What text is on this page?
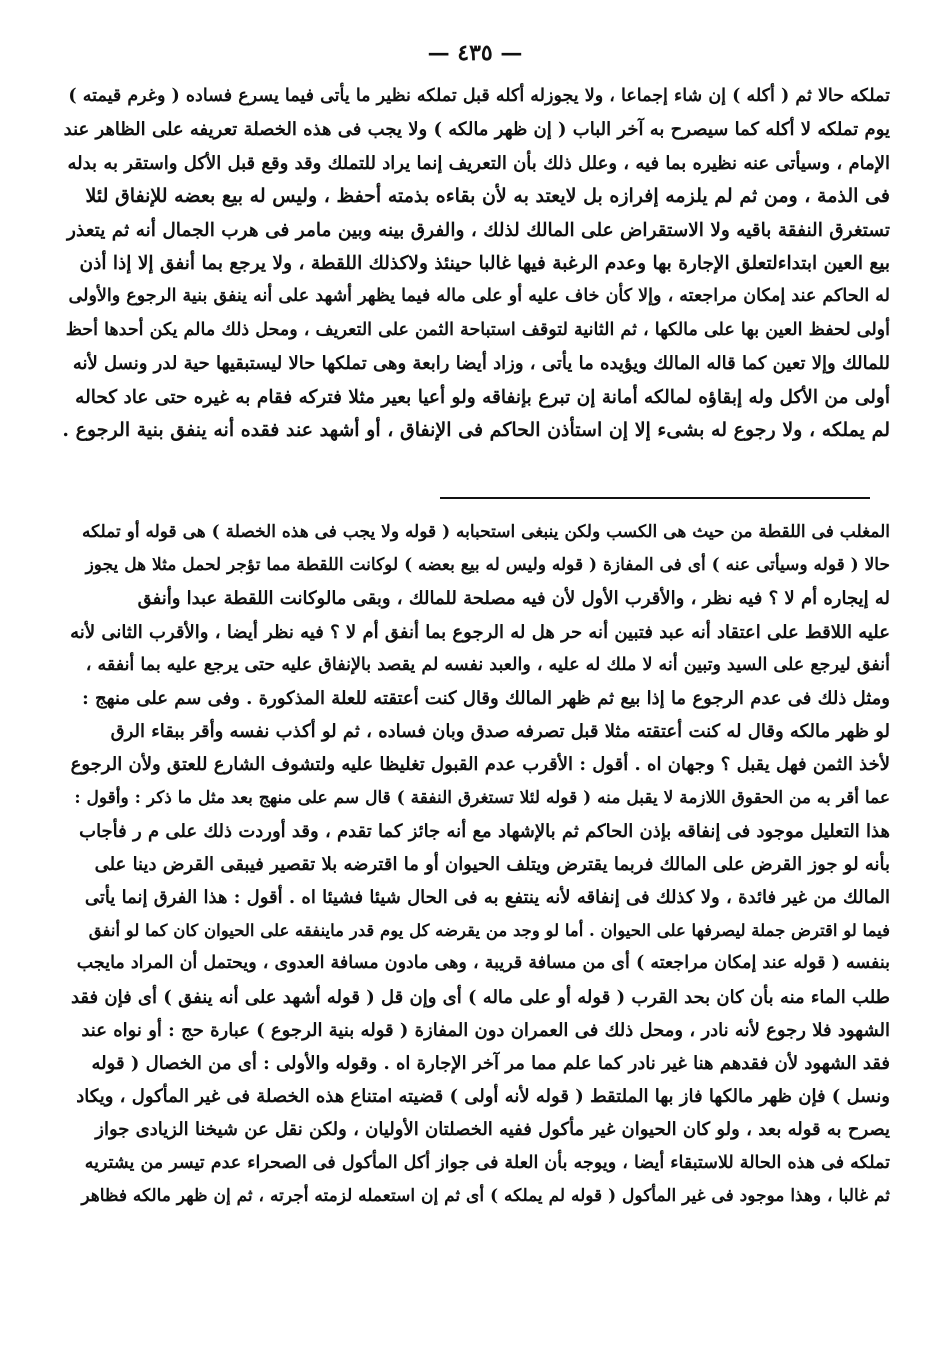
— ٤٣٥ —
تملكه حالا ثم ( أكله ) إن شاء إجماعا ، ولا يجوزله أكله قبل تملكه نظير ما يأتى فيما يسرع فساده ( وغرم قيمته )
يوم تملكه لا أكله كما سيصرح به آخر الباب ( إن ظهر مالكه ) ولا يجب فى هذه الخصلة تعريفه على الظاهر عند
الإمام ، وسيأتى عنه نظيره بما فيه ، وعلل ذلك بأن التعريف إنما يراد للتملك وقد وقع قبل الأكل واستقر به بدله
فى الذمة ، ومن ثم لم يلزمه إفرازه بل لايعتد به لأن بقاءه بذمته أحفظ ، وليس له بيع بعضه للإنفاق لئلا
تستغرق النفقة باقيه ولا الاستقراض على المالك لذلك ، والفرق بينه وبين مامر فى هرب الجمال أنه ثم يتعذر
بيع العين ابتداءلتعلق الإجارة بها وعدم الرغبة فيها غالبا حينئذ ولاكذلك اللقطة ، ولا يرجع بما أنفق إلا إذا أذن
له الحاكم عند إمكان مراجعته ، وإلا كأن خاف عليه أو على ماله فيما يظهر أشهد على أنه ينفق بنية الرجوع والأولى
أولى لحفظ العين بها على مالكها ، ثم الثانية لتوقف استباحة الثمن على التعريف ، ومحل ذلك مالم يكن أحدها أحظ
للمالك وإلا تعين كما قاله المالك ويؤيده ما يأتى ، وزاد أيضا رابعة وهى تملكها حالا ليستبقيها حية لدر ونسل لأنه
أولى من الأكل وله إبقاؤه لمالكه أمانة إن تبرع بإنفاقه ولو أعيا بعير مثلا فتركه فقام به غيره حتى عاد كحاله
لم يملكه ، ولا رجوع له بشىء إلا إن استأذن الحاكم فى الإنفاق ، أو أشهد عند فقده أنه ينفق بنية الرجوع .
المغلب فى اللقطة من حيث هى الكسب ولكن ينبغى استحبابه ( قوله ولا يجب فى هذه الخصلة ) هى قوله أو تملكه
حالا ( قوله وسيأتى عنه ) أى فى المفازة ( قوله وليس له بيع بعضه ) لوكانت اللقطة مما تؤجر لحمل مثلا هل يجوز
له إيجاره أم لا ؟ فيه نظر ، والأقرب الأول لأن فيه مصلحة للمالك ، وبقى مالوكانت اللقطة عبدا وأنفق
عليه اللاقط على اعتقاد أنه عبد فتبين أنه حر هل له الرجوع بما أنفق أم لا ؟ فيه نظر أيضا ، والأقرب الثانى لأنه
أنفق ليرجع على السيد وتبين أنه لا ملك له عليه ، والعبد نفسه لم يقصد بالإنفاق عليه حتى يرجع عليه بما أنفقه ،
ومثل ذلك فى عدم الرجوع ما إذا بيع ثم ظهر المالك وقال كنت أعتقته للعلة المذكورة . وفى سم على منهج :
لو ظهر مالكه وقال له كنت أعتقته مثلا قبل تصرفه صدق وبان فساده ، ثم لو أكذب نفسه وأقر ببقاء الرق
لأخذ الثمن فهل يقبل ؟ وجهان اه . أقول : الأقرب عدم القبول تغليظا عليه ولتشوف الشارع للعتق ولأن الرجوع
عما أقر به من الحقوق اللازمة لا يقبل منه ( قوله لئلا تستغرق النفقة ) قال سم على منهج بعد مثل ما ذكر : وأقول :
هذا التعليل موجود فى إنفاقه بإذن الحاكم ثم بالإشهاد مع أنه جائز كما تقدم ، وقد أوردت ذلك على م ر فأجاب
بأنه لو جوز القرض على المالك فربما يقترض ويتلف الحيوان أو ما اقترضه بلا تقصير فيبقى القرض دينا على
المالك من غير فائدة ، ولا كذلك فى إنفاقه لأنه ينتفع به فى الحال شيئا فشيئا اه . أقول : هذا الفرق إنما يأتى
فيما لو اقترض جملة ليصرفها على الحيوان . أما لو وجد من يقرضه كل يوم قدر ماينفقه على الحيوان كان كما لو أنفق
بنفسه ( قوله عند إمكان مراجعته ) أى من مسافة قريبة ، وهى مادون مسافة العدوى ، ويحتمل أن المراد مايجب
طلب الماء منه بأن كان بحد القرب ( قوله أو على ماله ) أى وإن قل ( قوله أشهد على أنه ينفق ) أى فإن فقد
الشهود فلا رجوع لأنه نادر ، ومحل ذلك فى العمران دون المفازة ( قوله بنية الرجوع ) عبارة حج : أو نواه عند
فقد الشهود لأن فقدهم هنا غير نادر كما علم مما مر آخر الإجارة اه . وقوله والأولى : أى من الخصال ( قوله
ونسل ) فإن ظهر مالكها فاز بها الملتقط ( قوله لأنه أولى ) قضيته امتناع هذه الخصلة فى غير المأكول ، ويكاد
يصرح به قوله بعد ، ولو كان الحيوان غير مأكول ففيه الخصلتان الأوليان ، ولكن نقل عن شيخنا الزيادى جواز
تملكه فى هذه الحالة للاستبقاء أيضا ، ويوجه بأن العلة فى جواز أكل المأكول فى الصحراء عدم تيسر من يشتريه
ثم غالبا ، وهذا موجود فى غير المأكول ( قوله لم يملكه ) أى ثم إن استعمله لزمته أجرته ، ثم إن ظهر مالكه فظاهر
